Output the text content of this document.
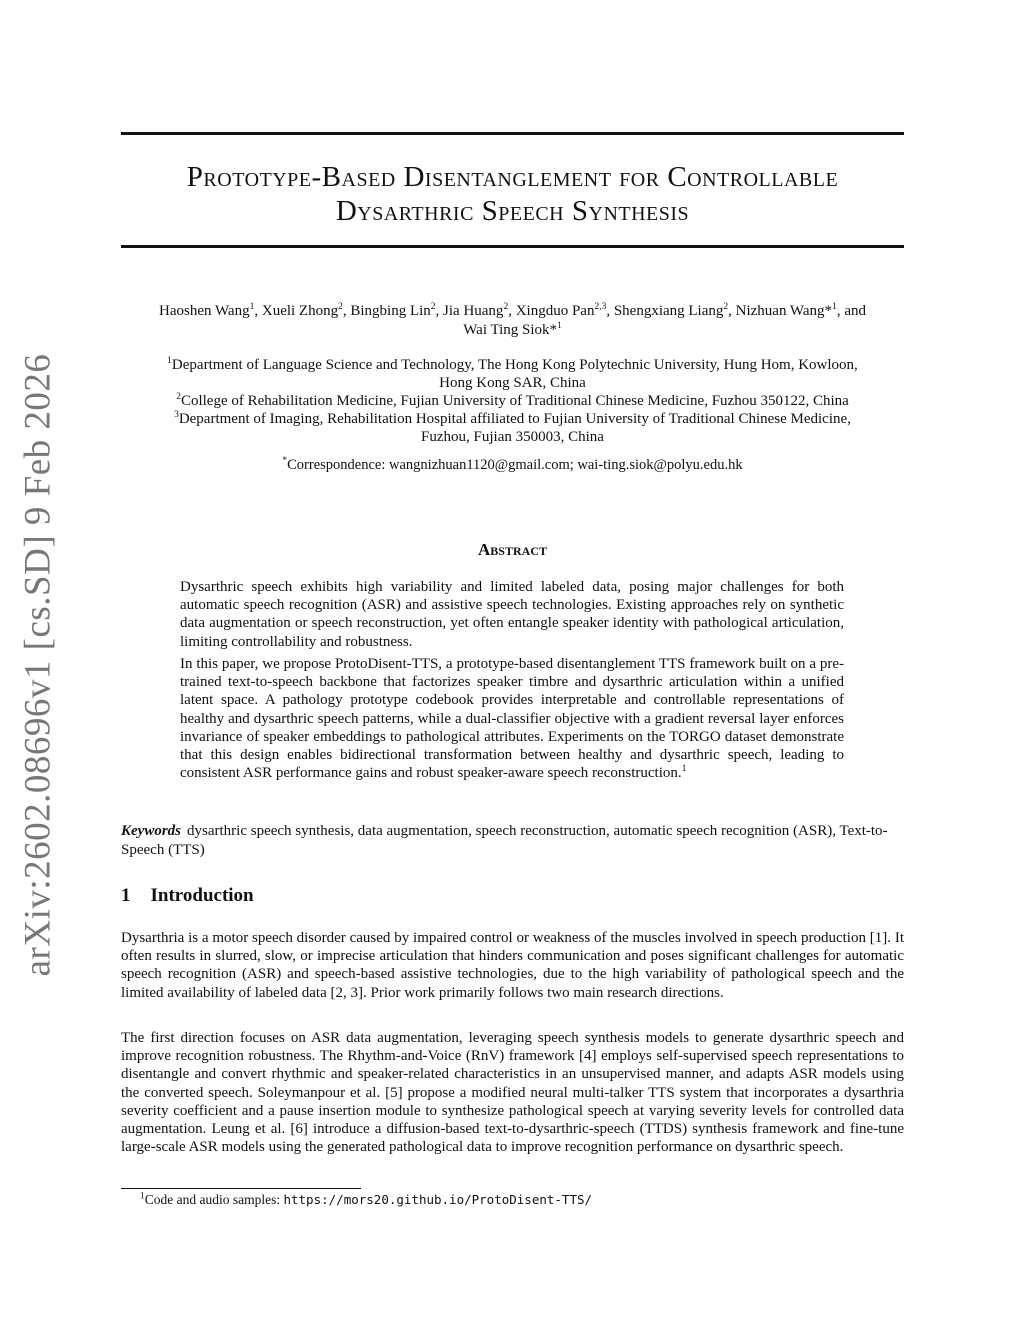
arXiv:2602.08696v1 [cs.SD] 9 Feb 2026
Prototype-Based Disentanglement for Controllable
Dysarthric Speech Synthesis
Haoshen Wang$^1$, Xueli Zhong$^2$, Bingbing Lin$^2$, Jia Huang$^2$, Xingduo Pan$^{2,3}$, Shengxiang Liang$^2$, Nizhuan Wang*$^1$, and
Wai Ting Siok*$^1$
$^1$Department of Language Science and Technology, The Hong Kong Polytechnic University, Hung Hom, Kowloon,
Hong Kong SAR, China
$^2$College of Rehabilitation Medicine, Fujian University of Traditional Chinese Medicine, Fuzhou 350122, China
$^3$Department of Imaging, Rehabilitation Hospital affiliated to Fujian University of Traditional Chinese Medicine,
Fuzhou, Fujian 350003, China
*Correspondence: wangnizhuan1120@gmail.com; wai-ting.siok@polyu.edu.hk
Abstract

Dysarthric speech exhibits high variability and limited labeled data, posing major challenges for both automatic speech recognition (ASR) and assistive speech technologies. Existing approaches rely on synthetic data augmentation or speech reconstruction, yet often entangle speaker identity with pathological articulation, limiting controllability and robustness.

In this paper, we propose ProtoDisent-TTS, a prototype-based disentanglement TTS framework built on a pre-trained text-to-speech backbone that factorizes speaker timbre and dysarthric articulation within a unified latent space. A pathology prototype codebook provides interpretable and controllable representations of healthy and dysarthric speech patterns, while a dual-classifier objective with a gradient reversal layer enforces invariance of speaker embeddings to pathological attributes. Experiments on the TORGO dataset demonstrate that this design enables bidirectional transformation between healthy and dysarthric speech, leading to consistent ASR performance gains and robust speaker-aware speech reconstruction.$^1$

Keywords dysarthric speech synthesis, data augmentation, speech reconstruction, automatic speech recognition (ASR), Text-to-Speech (TTS)

1 Introduction

Dysarthria is a motor speech disorder caused by impaired control or weakness of the muscles involved in speech production [1]. It often results in slurred, slow, or imprecise articulation that hinders communication and poses significant challenges for automatic speech recognition (ASR) and speech-based assistive technologies, due to the high variability of pathological speech and the limited availability of labeled data [2, 3]. Prior work primarily follows two main research directions.

The first direction focuses on ASR data augmentation, leveraging speech synthesis models to generate dysarthric speech and improve recognition robustness. The Rhythm-and-Voice (RnV) framework [4] employs self-supervised speech representations to disentangle and convert rhythmic and speaker-related characteristics in an unsupervised manner, and adapts ASR models using the converted speech. Soleymanpour et al. [5] propose a modified neural multi-talker TTS system that incorporates a dysarthria severity coefficient and a pause insertion module to synthesize pathological speech at varying severity levels for controlled data augmentation. Leung et al. [6] introduce a diffusion-based text-to-dysarthric-speech (TTDS) synthesis framework and fine-tune large-scale ASR models using the generated pathological data to improve recognition performance on dysarthric speech.

$^1$Code and audio samples: https://mors20.github.io/ProtoDisent-TTS/
